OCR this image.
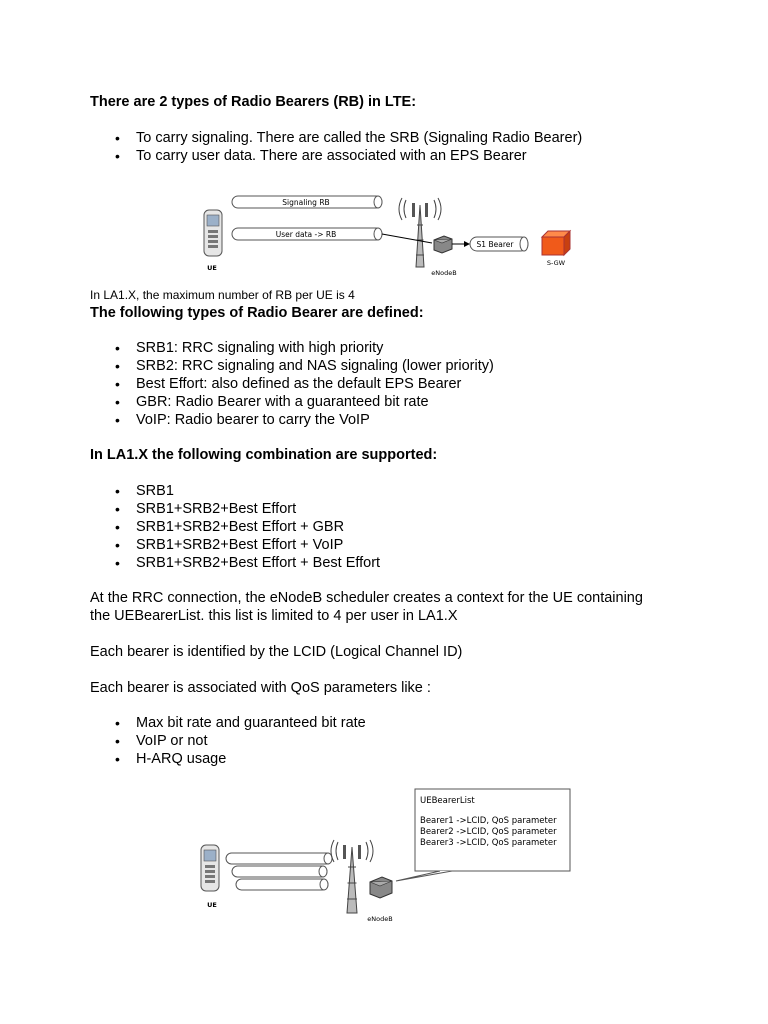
There are 2 types of Radio Bearers (RB) in LTE:
• To carry signaling. There are called the SRB (Signaling Radio Bearer)
• To carry user data. There are associated with an EPS Bearer
UE
Signaling RB
User data -> RB
eNodeB
S1 Bearer
S-GW
In LA1.X, the maximum number of RB per UE is 4
The following types of Radio Bearer are defined:
• SRB1: RRC signaling with high priority
• SRB2: RRC signaling and NAS signaling (lower priority)
• Best Effort: also defined as the default EPS Bearer
• GBR: Radio Bearer with a guaranteed bit rate
• VoIP: Radio bearer to carry the VoIP
In LA1.X the following combination are supported:
• SRB1
• SRB1+SRB2+Best Effort
• SRB1+SRB2+Best Effort + GBR
• SRB1+SRB2+Best Effort + VoIP
• SRB1+SRB2+Best Effort + Best Effort
At the RRC connection, the eNodeB scheduler creates a context for the UE containing
the UEBearerList. this list is limited to 4 per user in LA1.X
Each bearer is identified by the LCID (Logical Channel ID)
Each bearer is associated with QoS parameters like :
• Max bit rate and guaranteed bit rate
• VoIP or not
• H-ARQ usage
UEBearerList
Bearer1 ->LCID, QoS parameter
Bearer2 ->LCID, QoS parameter
Bearer3 ->LCID, QoS parameter
UE
eNodeB
